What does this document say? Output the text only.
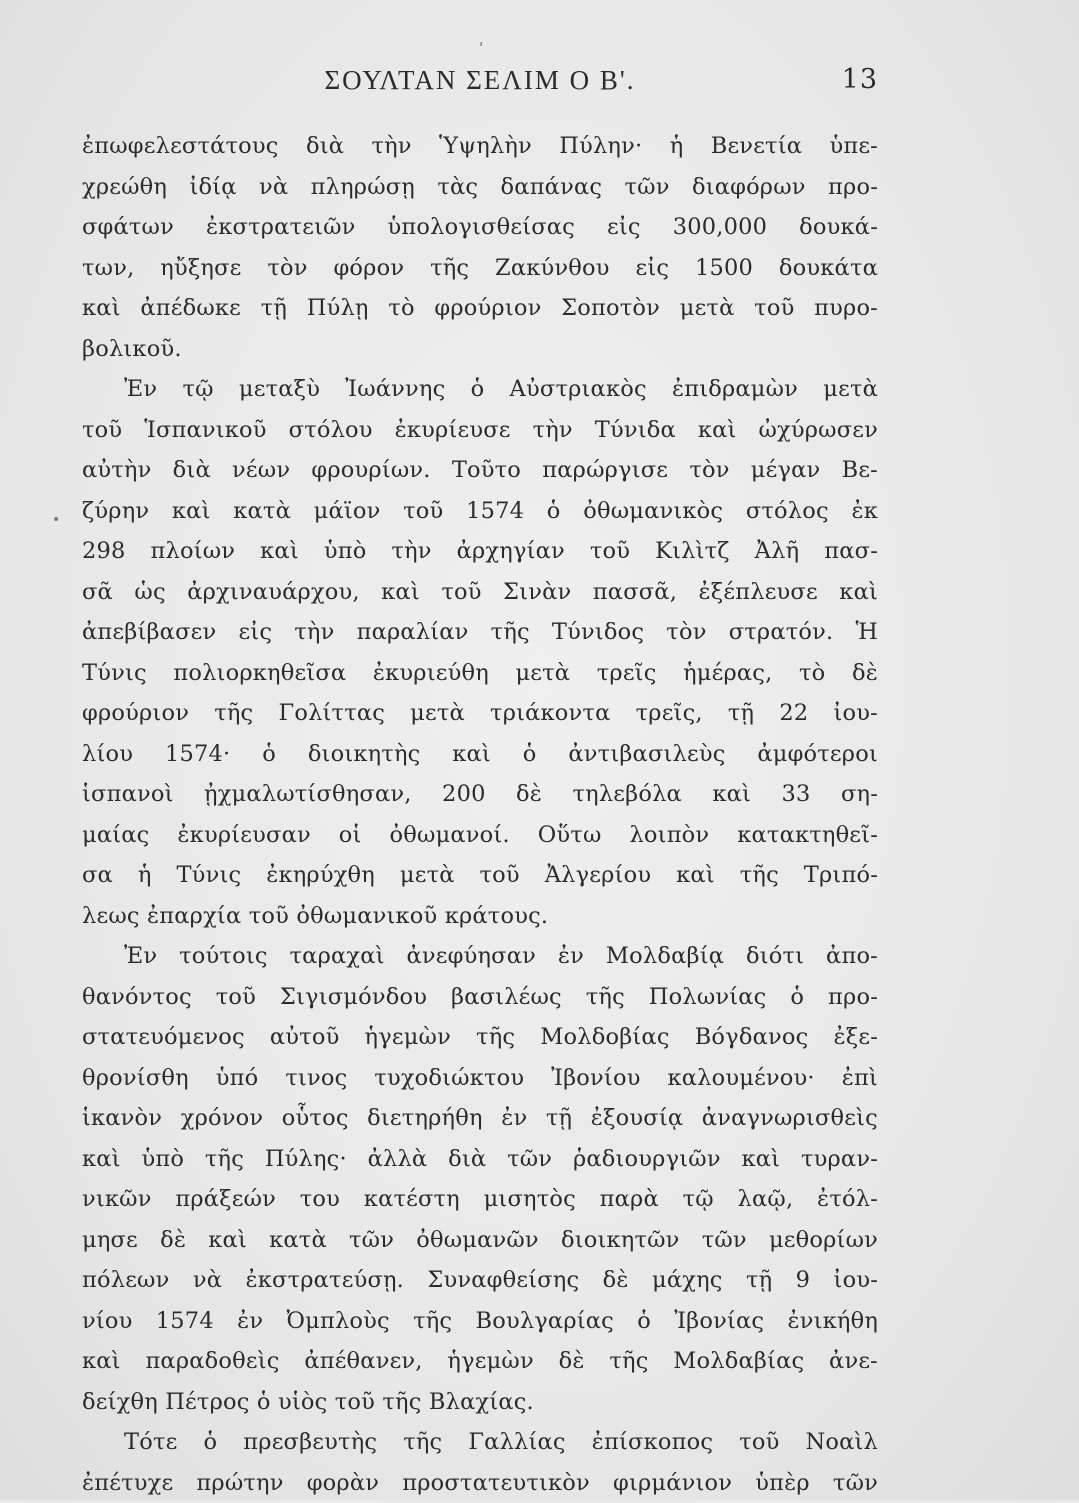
ʹ
•
ΣΟΥΛΤΑΝ ΣΕΛΙΜ Ο Β'.	13
ἐπωφελεστάτους διὰ τὴν Ὑψηλὴν Πύλην· ἡ Βενετία ὑπε-
χρεώθη ἰδίᾳ νὰ πληρώσῃ τὰς δαπάνας τῶν διαφόρων προ-
σφάτων ἐκστρατειῶν ὑπολογισθείσας εἰς 300,000 δουκά-
των, ηὔξησε τὸν φόρον τῆς Ζακύνθου εἰς 1500 δουκάτα
καὶ ἀπέδωκε τῇ Πύλῃ τὸ φρούριον Σοποτὸν μετὰ τοῦ πυρο-
βολικοῦ.
Ἐν τῷ μεταξὺ Ἰωάννης ὁ Αὐστριακὸς ἐπιδραμὼν μετὰ
τοῦ Ἱσπανικοῦ στόλου ἐκυρίευσε τὴν Τύνιδα καὶ ὠχύρωσεν
αὐτὴν διὰ νέων φρουρίων. Τοῦτο παρώργισε τὸν μέγαν Βε-
ζύρην καὶ κατὰ μάϊον τοῦ 1574 ὁ ὀθωμανικὸς στόλος ἐκ
298 πλοίων καὶ ὑπὸ τὴν ἀρχηγίαν τοῦ Κιλὶτζ Ἀλῆ πασ-
σᾶ ὡς ἀρχιναυάρχου, καὶ τοῦ Σινὰν πασσᾶ, ἐξέπλευσε καὶ
ἀπεβίβασεν εἰς τὴν παραλίαν τῆς Τύνιδος τὸν στρατόν. Ἡ
Τύνις πολιορκηθεῖσα ἐκυριεύθη μετὰ τρεῖς ἡμέρας, τὸ δὲ
φρούριον τῆς Γολίττας μετὰ τριάκοντα τρεῖς, τῇ 22 ἰου-
λίου 1574· ὁ διοικητὴς καὶ ὁ ἀντιβασιλεὺς ἀμφότεροι
ἱσπανοὶ ᾐχμαλωτίσθησαν, 200 δὲ τηλεβόλα καὶ 33 ση-
μαίας ἐκυρίευσαν οἱ ὀθωμανοί. Οὕτω λοιπὸν κατακτηθεῖ-
σα ἡ Τύνις ἐκηρύχθη μετὰ τοῦ Ἀλγερίου καὶ τῆς Τριπό-
λεως ἐπαρχία τοῦ ὀθωμανικοῦ κράτους.
Ἐν τούτοις ταραχαὶ ἀνεφύησαν ἐν Μολδαβίᾳ διότι ἀπο-
θανόντος τοῦ Σιγισμόνδου βασιλέως τῆς Πολωνίας ὁ προ-
στατευόμενος αὐτοῦ ἡγεμὼν τῆς Μολδοβίας Βόγδανος ἐξε-
θρονίσθη ὑπό τινος τυχοδιώκτου Ἰβονίου καλουμένου· ἐπὶ
ἱκανὸν χρόνον οὗτος διετηρήθη ἐν τῇ ἐξουσίᾳ ἀναγνωρισθεὶς
καὶ ὑπὸ τῆς Πύλης· ἀλλὰ διὰ τῶν ῥαδιουργιῶν καὶ τυραν-
νικῶν πράξεών του κατέστη μισητὸς παρὰ τῷ λαῷ, ἐτόλ-
μησε δὲ καὶ κατὰ τῶν ὀθωμανῶν διοικητῶν τῶν μεθορίων
πόλεων νὰ ἐκστρατεύσῃ. Συναφθείσης δὲ μάχης τῇ 9 ἰου-
νίου 1574 ἐν Ὀμπλοὺς τῆς Βουλγαρίας ὁ Ἰβονίας ἐνικήθη
καὶ παραδοθεὶς ἀπέθανεν, ἡγεμὼν δὲ τῆς Μολδαβίας ἀνε-
δείχθη Πέτρος ὁ υἱὸς τοῦ τῆς Βλαχίας.
Τότε ὁ πρεσβευτὴς τῆς Γαλλίας ἐπίσκοπος τοῦ Νοαὶλ
ἐπέτυχε πρώτην φορὰν προστατευτικὸν φιρμάνιον ὑπὲρ τῶν
